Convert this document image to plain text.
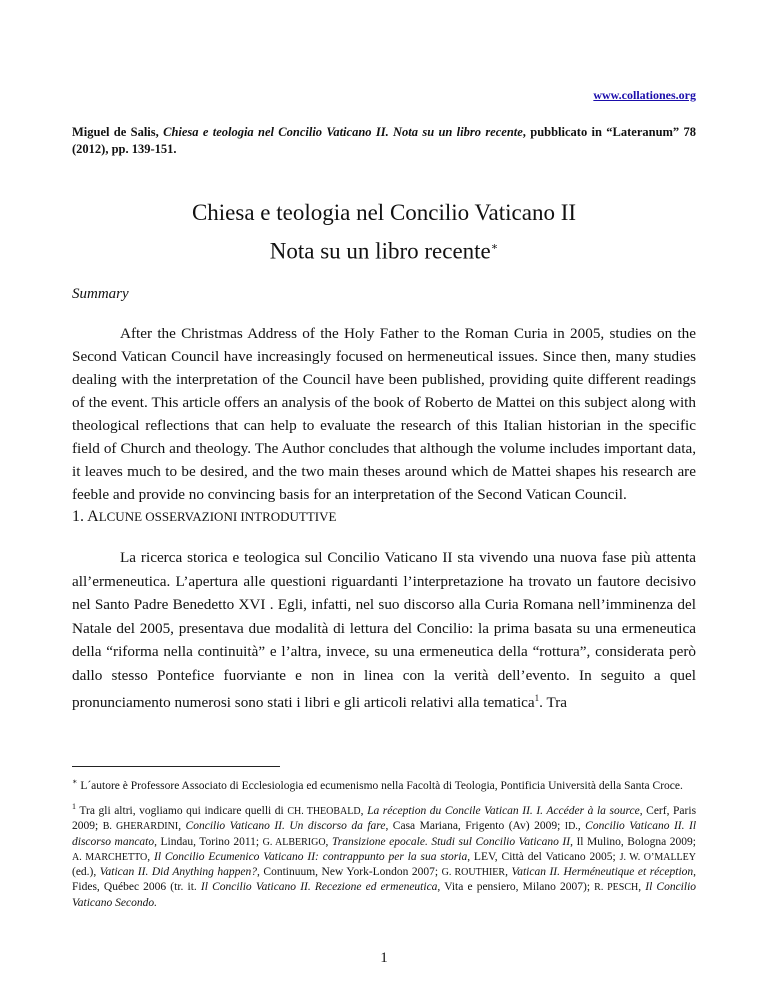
www.collationes.org
Miguel de Salis, Chiesa e teologia nel Concilio Vaticano II. Nota su un libro recente, pubblicato in “Lateranum” 78 (2012), pp. 139-151.
Chiesa e teologia nel Concilio Vaticano II
Nota su un libro recente∗
Summary

After the Christmas Address of the Holy Father to the Roman Curia in 2005, studies on the Second Vatican Council have increasingly focused on hermeneutical issues. Since then, many studies dealing with the interpretation of the Council have been published, providing quite different readings of the event. This article offers an analysis of the book of Roberto de Mattei on this subject along with theological reflections that can help to evaluate the research of this Italian historian in the specific field of Church and theology. The Author concludes that although the volume includes important data, it leaves much to be desired, and the two main theses around which de Mattei shapes his research are feeble and provide no convincing basis for an interpretation of the Second Vatican Council.

1. ALCUNE OSSERVAZIONI INTRODUTTIVE

La ricerca storica e teologica sul Concilio Vaticano II sta vivendo una nuova fase più attenta all’ermeneutica. L’apertura alle questioni riguardanti l’interpretazione ha trovato un fautore decisivo nel Santo Padre Benedetto XVI . Egli, infatti, nel suo discorso alla Curia Romana nell’imminenza del Natale del 2005, presentava due modalità di lettura del Concilio: la prima basata su una ermeneutica della “riforma nella continuità” e l’altra, invece, su una ermeneutica della “rottura”, considerata però dallo stesso Pontefice fuorviante e non in linea con la verità dell’evento. In seguito a quel pronunciamento numerosi sono stati i libri e gli articoli relativi alla tematica$^1$. Tra

∗ L´autore è Professore Associato di Ecclesiologia ed ecumenismo nella Facoltà di Teologia, Pontificia Università della Santa Croce.

$^1$ Tra gli altri, vogliamo qui indicare quelli di CH. THEOBALD, La réception du Concile Vatican II. I. Accéder à la source, Cerf, Paris 2009; B. GHERARDINI, Concilio Vaticano II. Un discorso da fare, Casa Mariana, Frigento (Av) 2009; ID., Concilio Vaticano II. Il discorso mancato, Lindau, Torino 2011; G. ALBERIGO, Transizione epocale. Studi sul Concilio Vaticano II, Il Mulino, Bologna 2009; A. MARCHETTO, Il Concilio Ecumenico Vaticano II: contrappunto per la sua storia, LEV, Città del Vaticano 2005; J. W. O’MALLEY (ed.), Vatican II. Did Anything happen?, Continuum, New York-London 2007; G. ROUTHIER, Vatican II. Herméneutique et réception, Fides, Québec 2006 (tr. it. Il Concilio Vaticano II. Recezione ed ermeneutica, Vita e pensiero, Milano 2007); R. PESCH, Il Concilio Vaticano Secondo.

1
